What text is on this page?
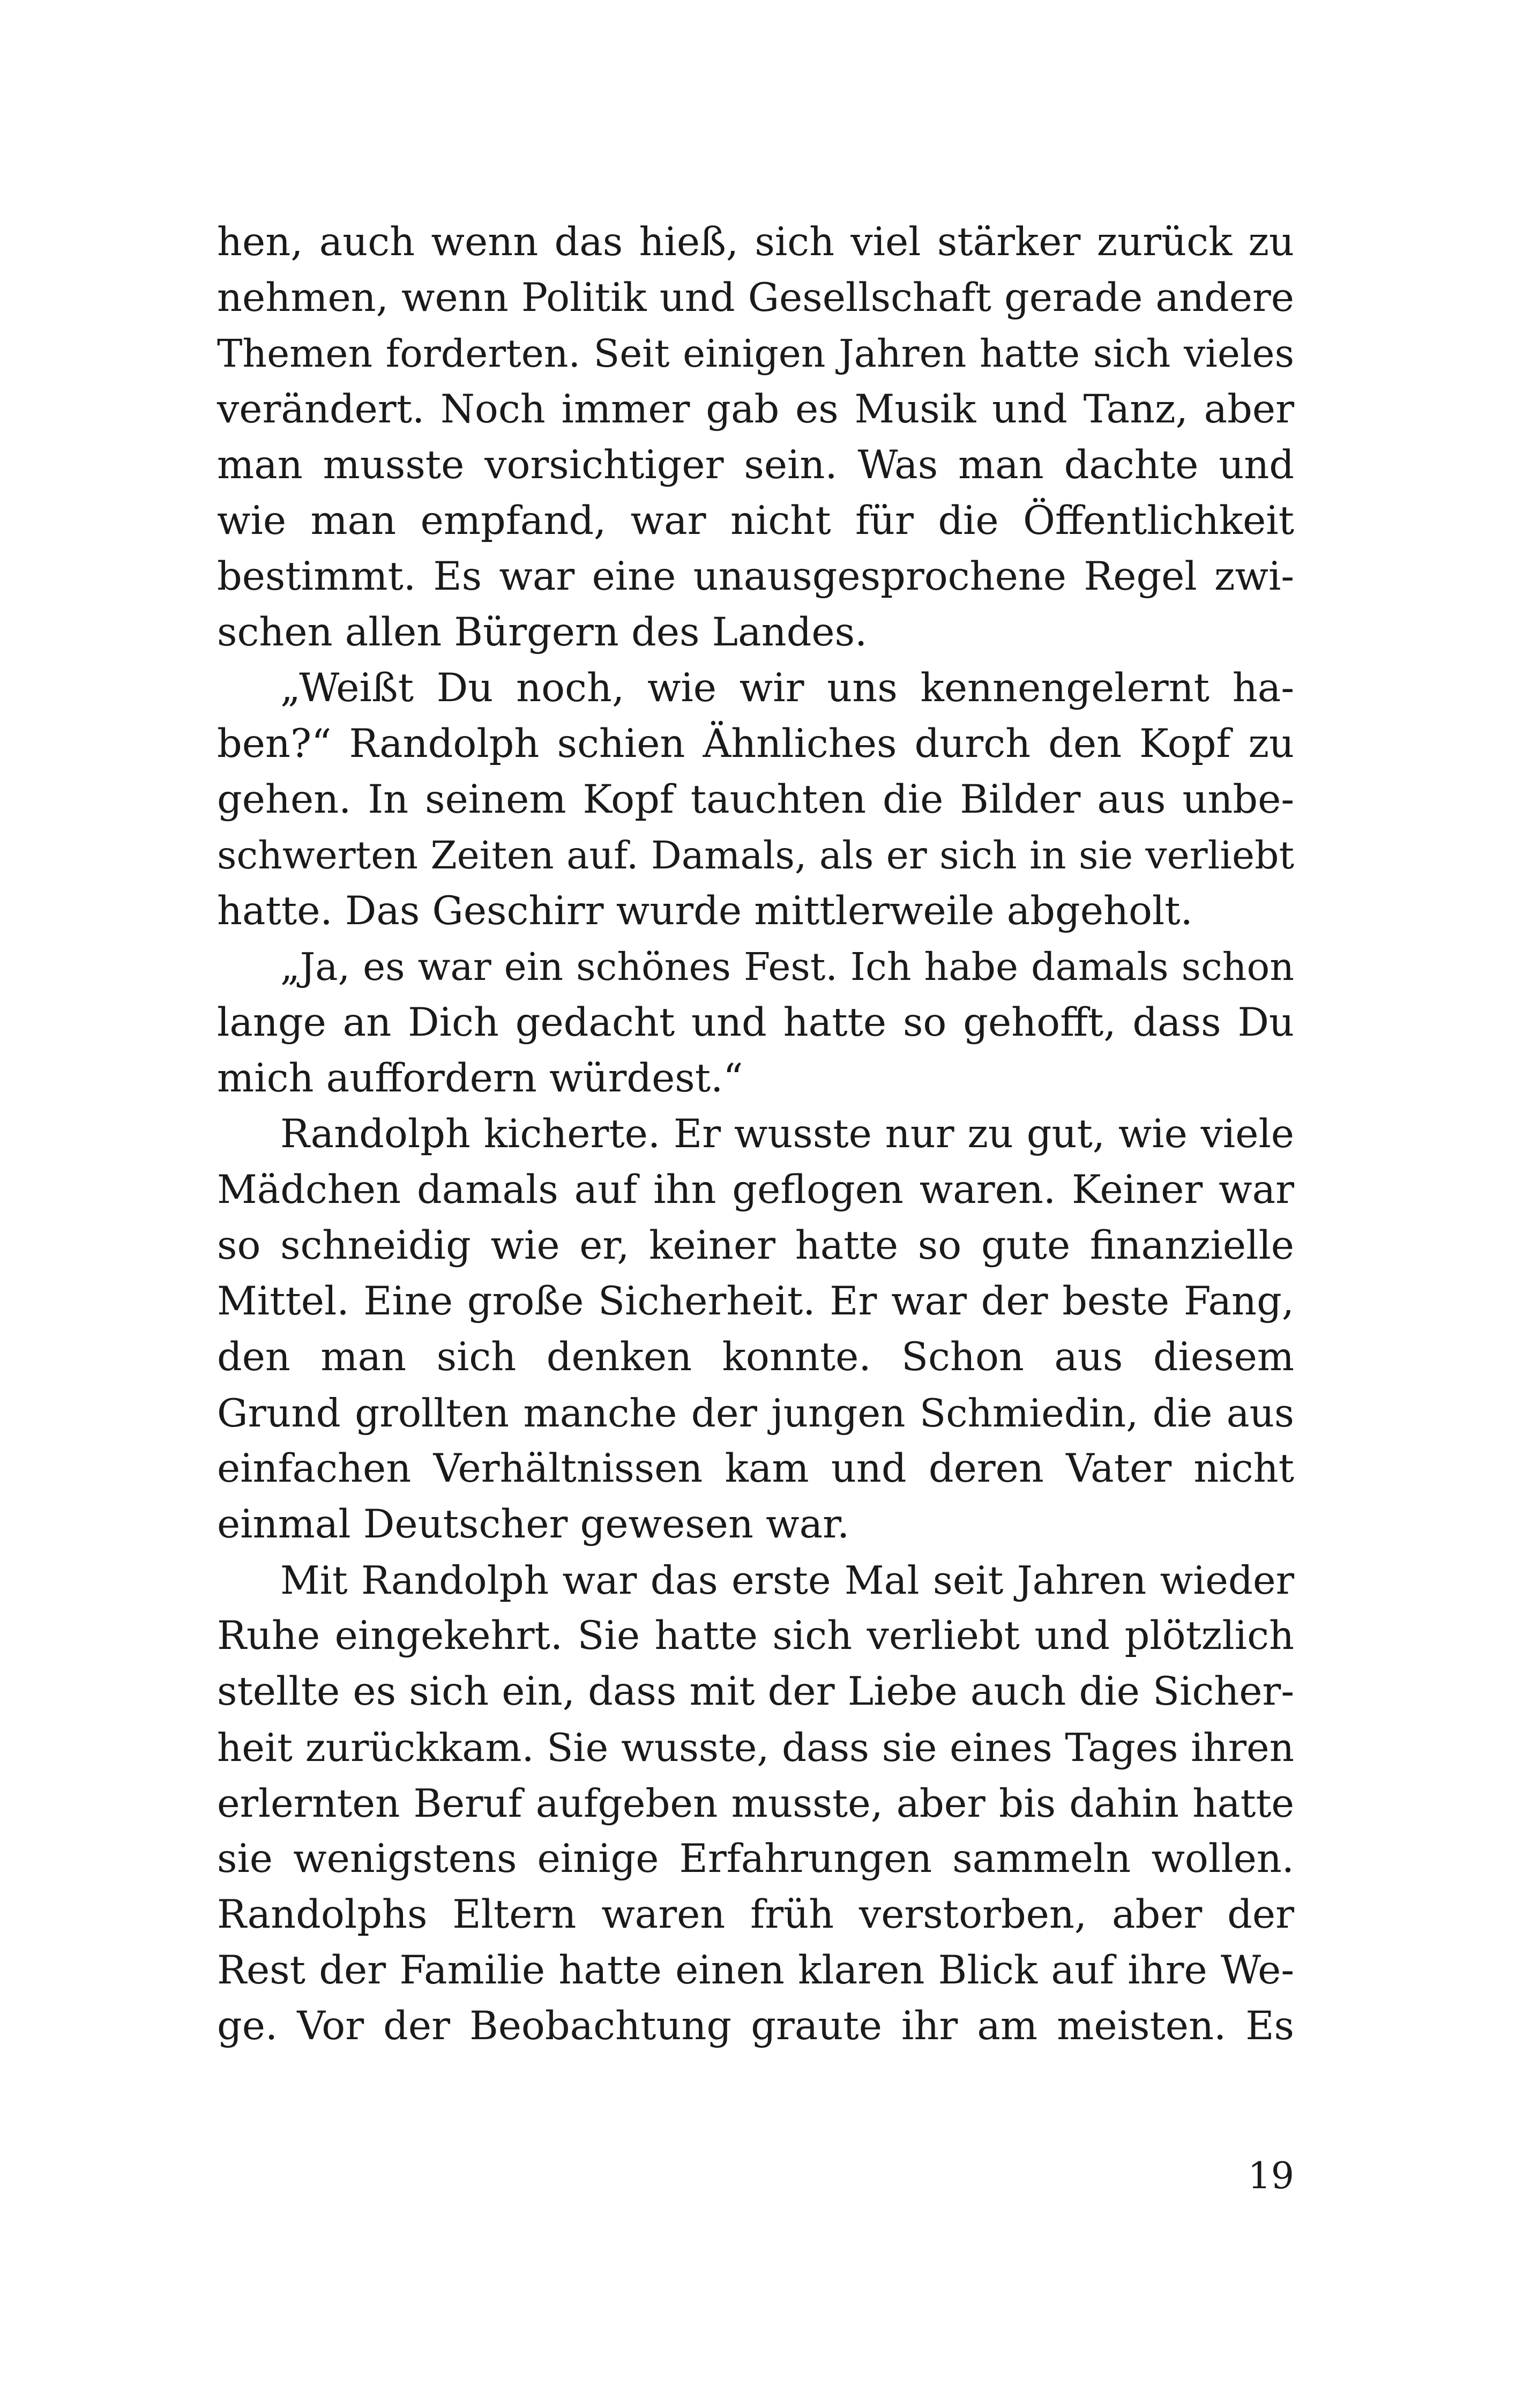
hen, auch wenn das hieß, sich viel stärker zurück zu
nehmen, wenn Politik und Gesellschaft gerade andere
Themen forderten. Seit einigen Jahren hatte sich vieles
verändert. Noch immer gab es Musik und Tanz, aber
man musste vorsichtiger sein. Was man dachte und
wie man empfand, war nicht für die Öffentlichkeit
bestimmt. Es war eine unausgesprochene Regel zwi-
schen allen Bürgern des Landes.
„Weißt Du noch, wie wir uns kennengelernt ha-
ben?“ Randolph schien Ähnliches durch den Kopf zu
gehen. In seinem Kopf tauchten die Bilder aus unbe-
schwerten Zeiten auf. Damals, als er sich in sie verliebt
hatte. Das Geschirr wurde mittlerweile abgeholt.
„Ja, es war ein schönes Fest. Ich habe damals schon
lange an Dich gedacht und hatte so gehofft, dass Du
mich auffordern würdest.“
Randolph kicherte. Er wusste nur zu gut, wie viele
Mädchen damals auf ihn geflogen waren. Keiner war
so schneidig wie er, keiner hatte so gute finanzielle
Mittel. Eine große Sicherheit. Er war der beste Fang,
den man sich denken konnte. Schon aus diesem
Grund grollten manche der jungen Schmiedin, die aus
einfachen Verhältnissen kam und deren Vater nicht
einmal Deutscher gewesen war.
Mit Randolph war das erste Mal seit Jahren wieder
Ruhe eingekehrt. Sie hatte sich verliebt und plötzlich
stellte es sich ein, dass mit der Liebe auch die Sicher-
heit zurückkam. Sie wusste, dass sie eines Tages ihren
erlernten Beruf aufgeben musste, aber bis dahin hatte
sie wenigstens einige Erfahrungen sammeln wollen.
Randolphs Eltern waren früh verstorben, aber der
Rest der Familie hatte einen klaren Blick auf ihre We-
ge. Vor der Beobachtung graute ihr am meisten. Es
19
